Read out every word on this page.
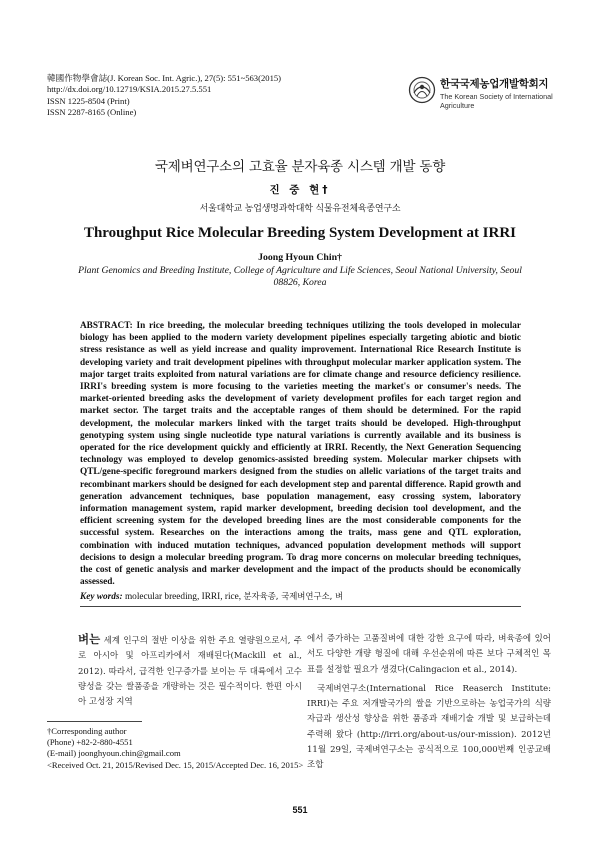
韓國作物學會誌(J. Korean Soc. Int. Agric.), 27(5): 551~563(2015)
http://dx.doi.org/10.12719/KSIA.2015.27.5.551
ISSN 1225-8504 (Print)
ISSN 2287-8165 (Online)
한국국제농업개발학회지
The Korean Society of International
Agriculture
국제벼연구소의 고효율 분자육종 시스템 개발 동향
진 중 현†
서울대학교 농업생명과학대학 식물유전체육종연구소
Throughput Rice Molecular Breeding System Development at IRRI
Joong Hyoun Chin†
Plant Genomics and Breeding Institute, College of Agriculture and Life Sciences, Seoul National University, Seoul 08826, Korea
ABSTRACT: In rice breeding, the molecular breeding techniques utilizing the tools developed in molecular biology has been applied to the modern variety development pipelines especially targeting abiotic and biotic stress resistance as well as yield increase and quality improvement. International Rice Research Institute is developing variety and trait development pipelines with throughput molecular marker application system. The major target traits exploited from natural variations are for climate change and resource deficiency resilience. IRRI's breeding system is more focusing to the varieties meeting the market's or consumer's needs. The market-oriented breeding asks the development of variety development profiles for each target region and market sector. The target traits and the acceptable ranges of them should be determined. For the rapid development, the molecular markers linked with the target traits should be developed. High-throughput genotyping system using single nucleotide type natural variations is currently available and its business is operated for the rice development quickly and efficiently at IRRI. Recently, the Next Generation Sequencing technology was employed to develop genomics-assisted breeding system. Molecular marker chipsets with QTL/gene-specific foreground markers designed from the studies on allelic variations of the target traits and recombinant markers should be designed for each development step and parental difference. Rapid growth and generation advancement techniques, base population management, easy crossing system, laboratory information management system, rapid marker development, breeding decision tool development, and the efficient screening system for the developed breeding lines are the most considerable components for the successful system. Researches on the interactions among the traits, mass gene and QTL exploration, combination with induced mutation techniques, advanced population development methods will support decisions to design a molecular breeding program. To drag more concerns on molecular breeding techniques, the cost of genetic analysis and marker development and the impact of the products should be economically assessed.
Key words: molecular breeding, IRRI, rice, 분자육종, 국제벼연구소, 벼
벼는 세계 인구의 절반 이상을 위한 주요 열량원으로서, 주로 아시아 및 아프리카에서 재배된다(Mackill et al., 2012). 따라서, 급격한 인구증가를 보이는 두 대륙에서 고수량성을 갖는 쌀품종을 개량하는 것은 필수적이다. 한편 아시아 고성장 지역
에서 증가하는 고품질벼에 대한 강한 요구에 따라, 벼육종에 있어서도 다양한 개량 형질에 대해 우선순위에 따른 보다 구체적인 목표를 설정할 필요가 생겼다(Calingacion et al., 2014).
국제벼연구소(International Rice Reaserch Institute: IRRI)는 주요 저개발국가의 쌀을 기반으로하는 농업국가의 식량자급과 생산성 향상을 위한 품종과 재배기술 개발 및 보급하는데 주력해 왔다 (http://irri.org/about-us/our-mission). 2012년 11월 29일, 국제벼연구소는 공식적으로 100,000번째 인공교배 조합
†Corresponding author
(Phone) +82-2-880-4551
(E-mail) joonghyoun.chin@gmail.com
<Received Oct. 21, 2015/Revised Dec. 15, 2015/Accepted Dec. 16, 2015>
551
